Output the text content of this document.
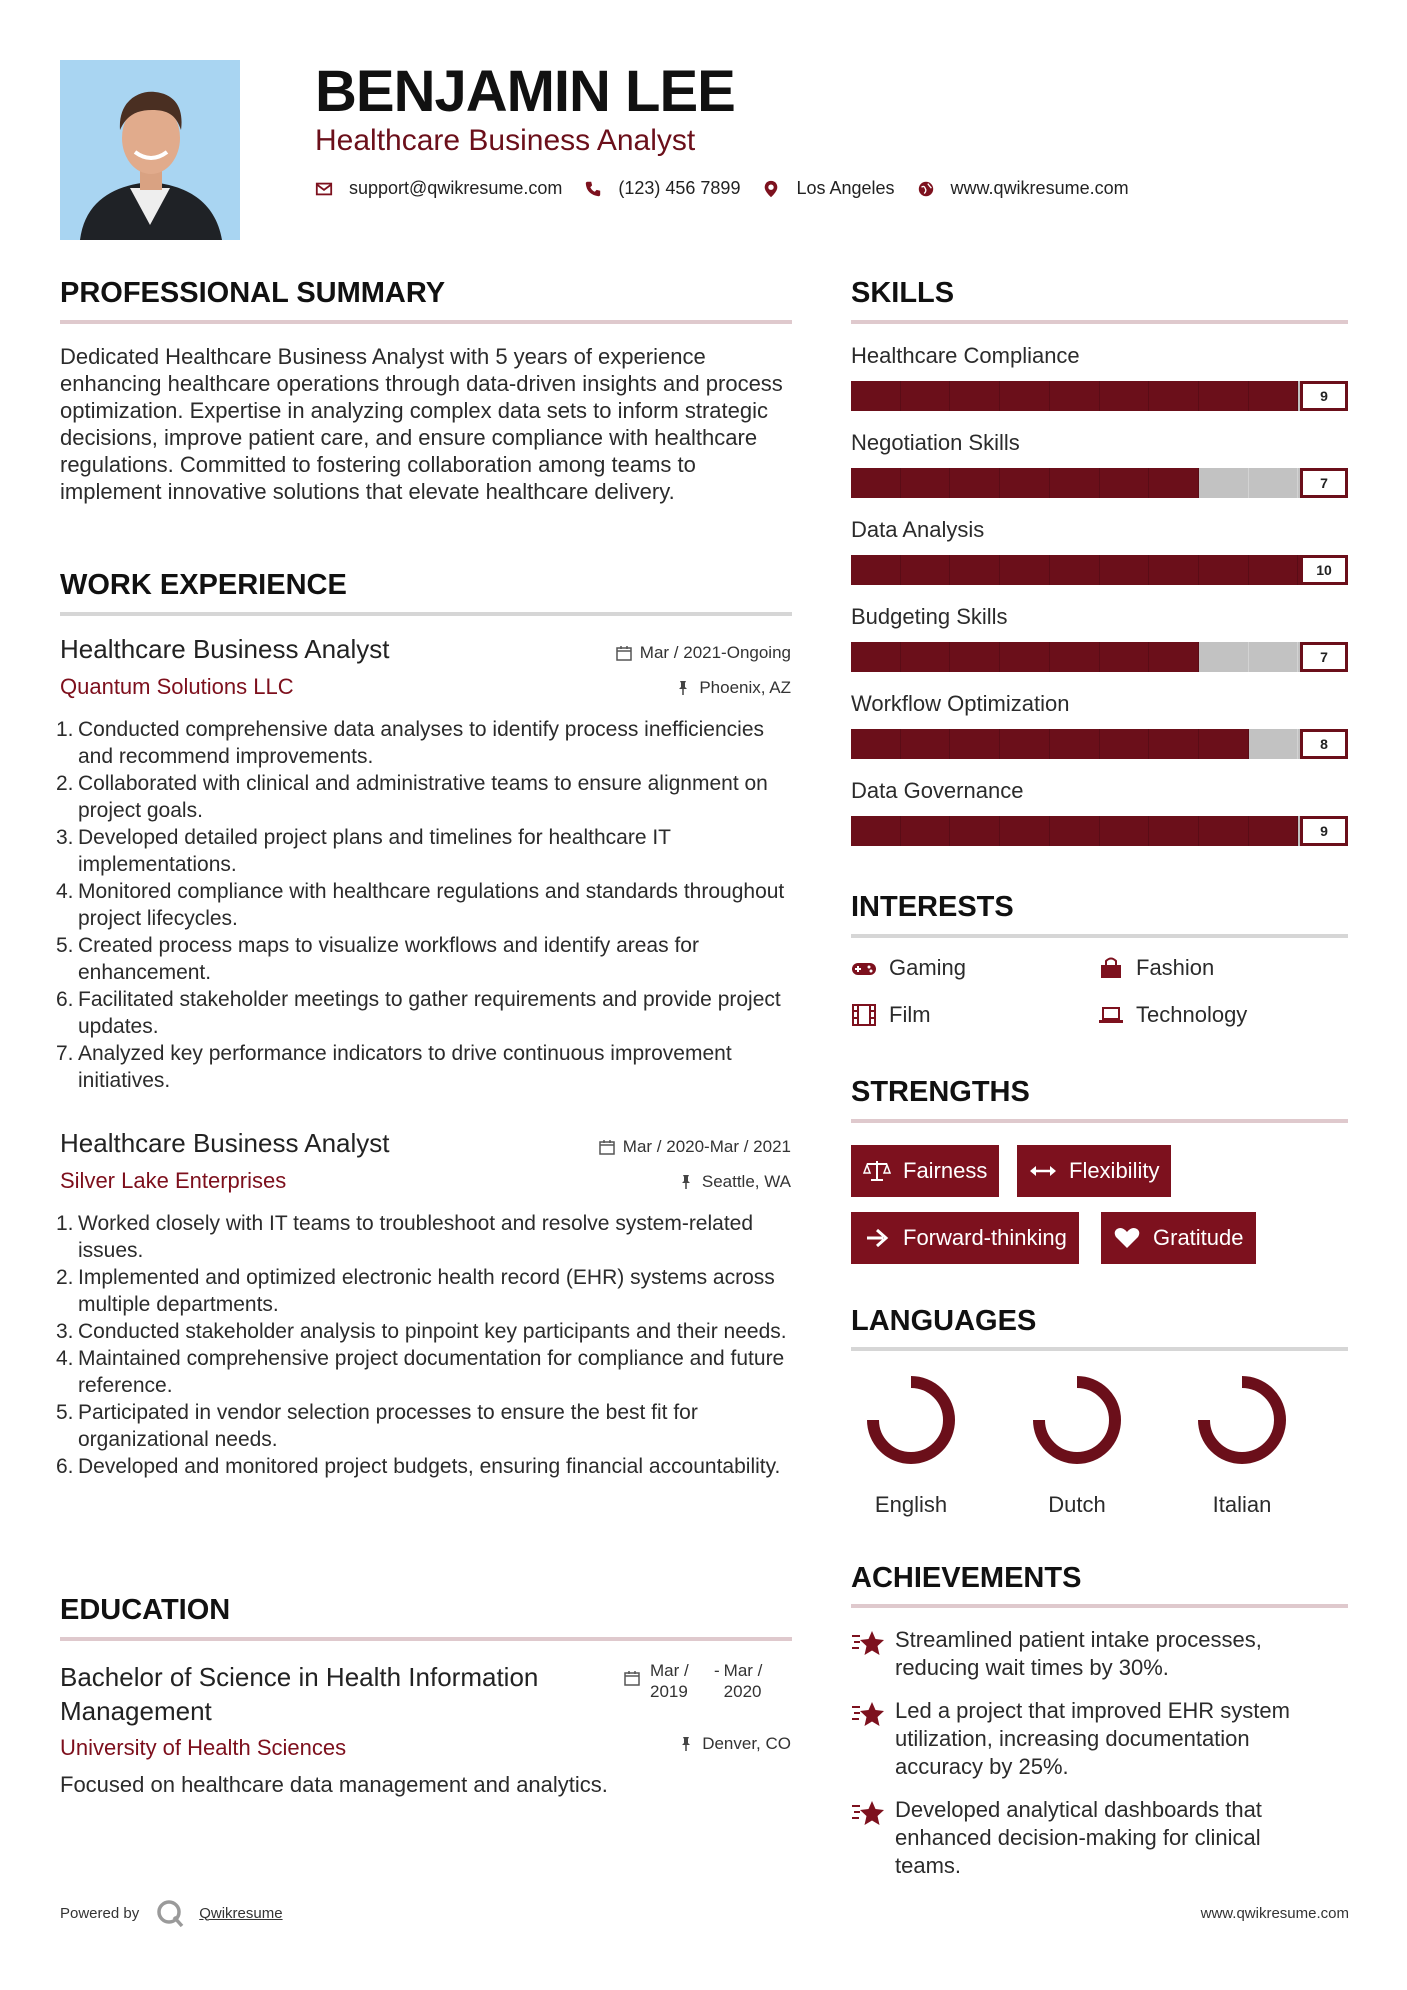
BENJAMIN LEE
Healthcare Business Analyst
support@qwikresume.com	(123) 456 7899	Los Angeles	www.qwikresume.com
PROFESSIONAL SUMMARY
Dedicated Healthcare Business Analyst with 5 years of experience enhancing healthcare operations through data-driven insights and process optimization. Expertise in analyzing complex data sets to inform strategic decisions, improve patient care, and ensure compliance with healthcare regulations. Committed to fostering collaboration among teams to implement innovative solutions that elevate healthcare delivery.
WORK EXPERIENCE
Healthcare Business Analyst
Quantum Solutions LLC
Mar / 2021-Ongoing
Phoenix, AZ
1. Conducted comprehensive data analyses to identify process inefficiencies and recommend improvements.
2. Collaborated with clinical and administrative teams to ensure alignment on project goals.
3. Developed detailed project plans and timelines for healthcare IT implementations.
4. Monitored compliance with healthcare regulations and standards throughout project lifecycles.
5. Created process maps to visualize workflows and identify areas for enhancement.
6. Facilitated stakeholder meetings to gather requirements and provide project updates.
7. Analyzed key performance indicators to drive continuous improvement initiatives.
Healthcare Business Analyst
Silver Lake Enterprises
Mar / 2020-Mar / 2021
Seattle, WA
1. Worked closely with IT teams to troubleshoot and resolve system-related issues.
2. Implemented and optimized electronic health record (EHR) systems across multiple departments.
3. Conducted stakeholder analysis to pinpoint key participants and their needs.
4. Maintained comprehensive project documentation for compliance and future reference.
5. Participated in vendor selection processes to ensure the best fit for organizational needs.
6. Developed and monitored project budgets, ensuring financial accountability.
EDUCATION
Bachelor of Science in Health Information Management
Mar / 2019
- Mar / 2020
Denver, CO
University of Health Sciences
Focused on healthcare data management and analytics.
SKILLS
Healthcare Compliance
9
Negotiation Skills
7
Data Analysis
10
Budgeting Skills
7
Workflow Optimization
8
Data Governance
9
INTERESTS
Gaming	Fashion
Film	Technology
STRENGTHS
Fairness	Flexibility
Forward-thinking	Gratitude
LANGUAGES
English	Dutch	Italian
ACHIEVEMENTS
Streamlined patient intake processes, reducing wait times by 30%.
Led a project that improved EHR system utilization, increasing documentation accuracy by 25%.
Developed analytical dashboards that enhanced decision-making for clinical teams.
Powered by	Qwikresume	www.qwikresume.com
